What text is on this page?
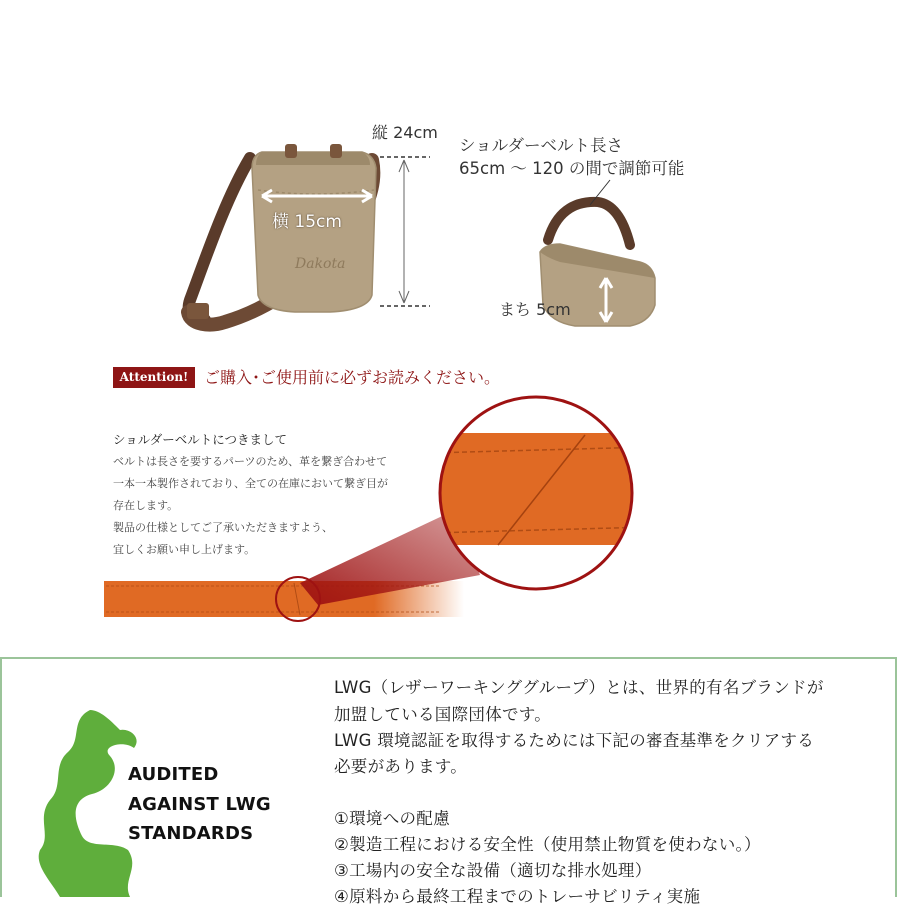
Dakota
縦 24cm
横 15cm
まち 5cm
ショルダーベルト長さ
65cm 〜 120 の間で調節可能
Attention! ご購入･ご使用前に必ずお読みください。
ショルダーベルトにつきまして
ベルトは長さを要するパーツのため、革を繋ぎ合わせて
一本一本製作されており、全ての在庫において繋ぎ目が
存在します。
製品の仕様としてご了承いただきますよう、
宜しくお願い申し上げます。
AUDITED
AGAINST LWG
STANDARDS
LWG（レザーワーキンググループ）とは、世界的有名ブランドが
加盟している国際団体です。
LWG 環境認証を取得するためには下記の審査基準をクリアする
必要があります。
①環境への配慮
②製造工程における安全性（使用禁止物質を使わない。）
③工場内の安全な設備（適切な排水処理）
④原料から最終工程までのトレーサビリティ実施
